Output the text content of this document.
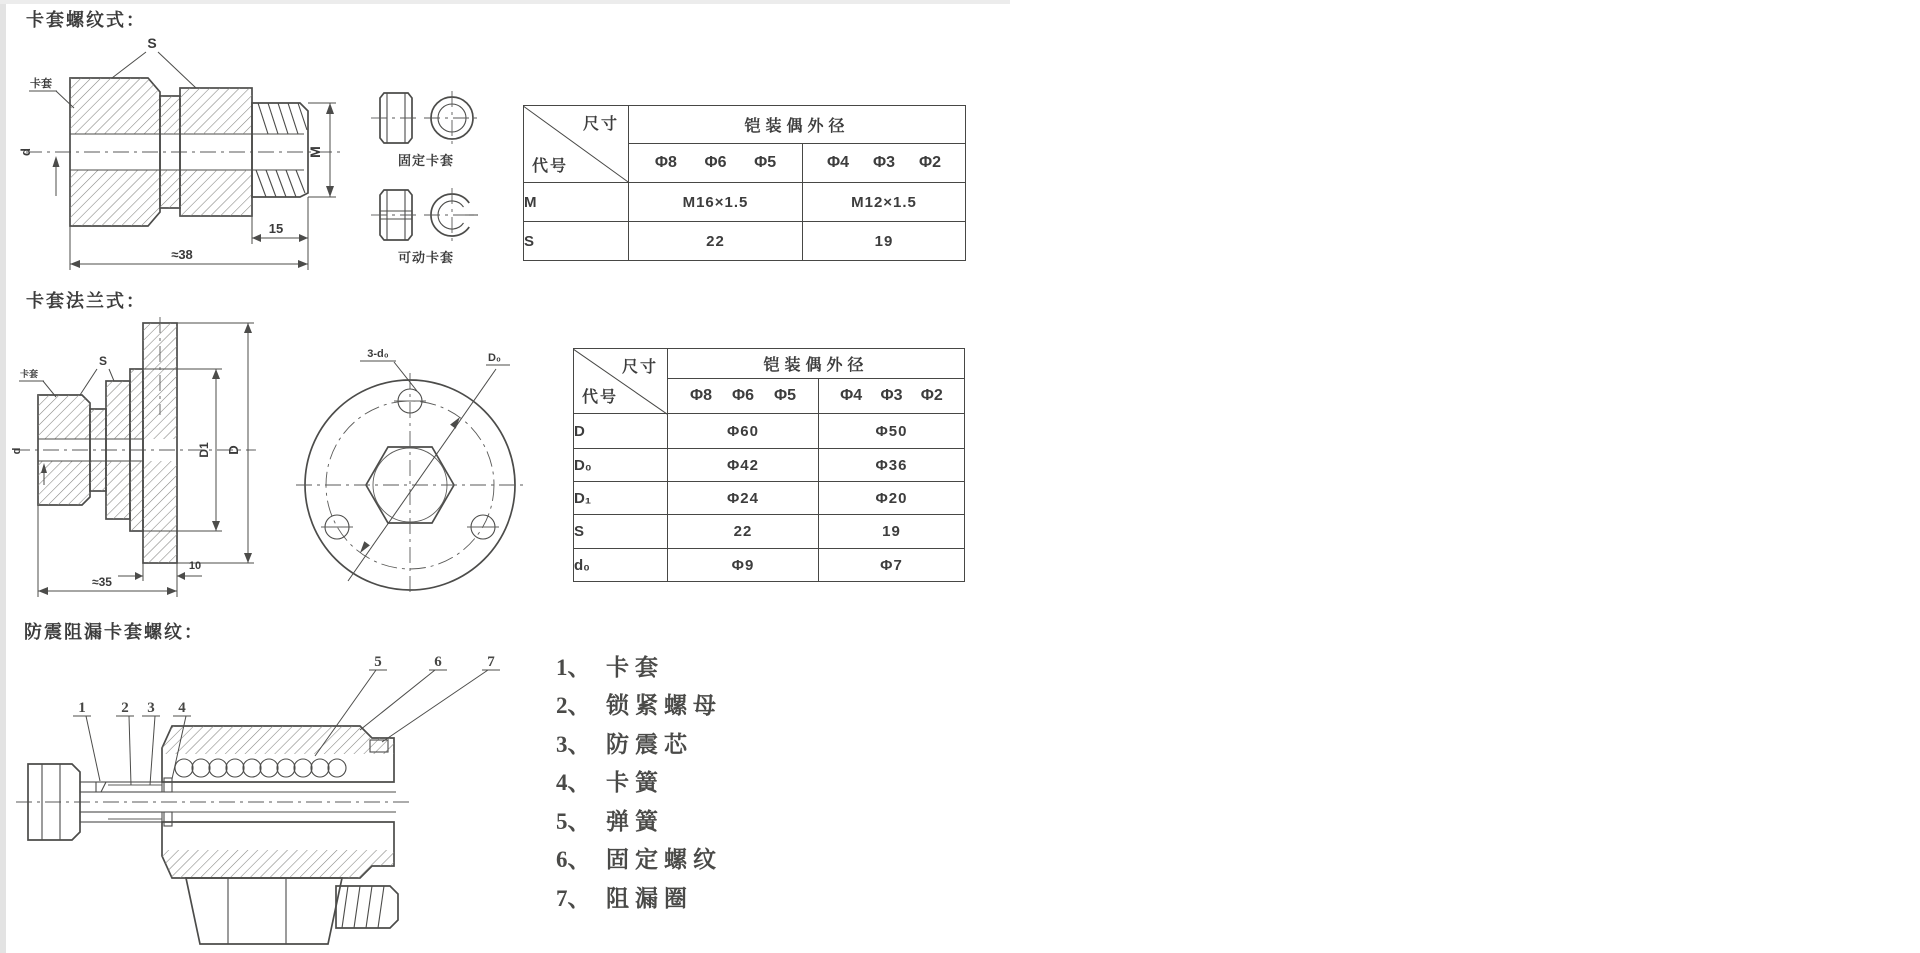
卡套螺纹式：
M
d
S
卡套
15
≈38
固定卡套
可动卡套
尺寸
代号	铠装偶外径	

	Φ8 Φ6 Φ5	Φ4 Φ3 Φ2

M	M16×1.5	M12×1.5
S	22	19
卡套法兰式：
S
卡套
d	D1 D
10
≈35
D₀
3-d₀
尺寸
代号	铠装偶外径	

	Φ8 Φ6 Φ5	Φ4 Φ3 Φ2

D	Φ60	Φ50
D₀	Φ42	Φ36
D₁	Φ24	Φ20
S	22	19
d₀	Φ9	Φ7
防震阻漏卡套螺纹：
1 2 3 4
5	6	7	1、 卡套
2、 锁紧螺母
3、 防震芯
4、 卡簧
5、 弹簧
6、 固定螺纹
7、 阻漏圈
